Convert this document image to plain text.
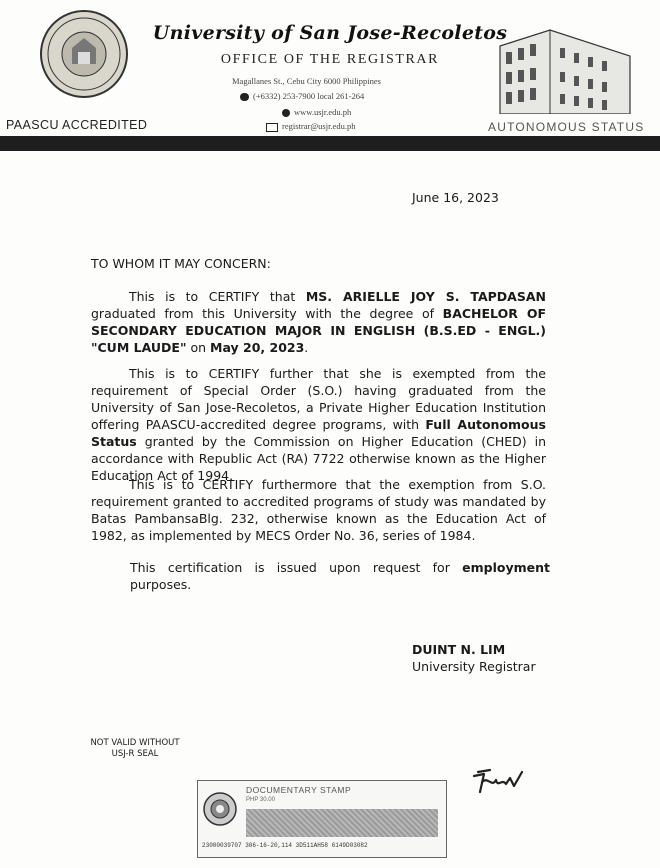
University of San Jose-Recoletos
OFFICE OF THE REGISTRAR
Magallanes St., Cebu City 6000 Philippines
(+6332) 253-7900 local 261-264
www.usjr.edu.ph
registrar@usjr.edu.ph
PAASCU ACCREDITED	AUTONOMOUS STATUS
June 16, 2023
TO WHOM IT MAY CONCERN:
This is to CERTIFY that MS. ARIELLE JOY S. TAPDASAN graduated from this University with the degree of BACHELOR OF SECONDARY EDUCATION MAJOR IN ENGLISH (B.S.ED - ENGL.) "CUM LAUDE" on May 20, 2023.
This is to CERTIFY further that she is exempted from the requirement of Special Order (S.O.) having graduated from the University of San Jose-Recoletos, a Private Higher Education Institution offering PAASCU-accredited degree programs, with Full Autonomous Status granted by the Commission on Higher Education (CHED) in accordance with Republic Act (RA) 7722 otherwise known as the Higher Education Act of 1994.
This is to CERTIFY furthermore that the exemption from S.O. requirement granted to accredited programs of study was mandated by Batas PambansaBlg. 232, otherwise known as the Education Act of 1982, as implemented by MECS Order No. 36, series of 1984.
This certification is issued upon request for employment purposes.
DUINT N. LIM
University Registrar
NOT VALID WITHOUT
USJ-R SEAL
DOCUMENTARY STAMP
PHP 30.00
23000039707 306-16-20,114 3D511AH58 6149D03082
